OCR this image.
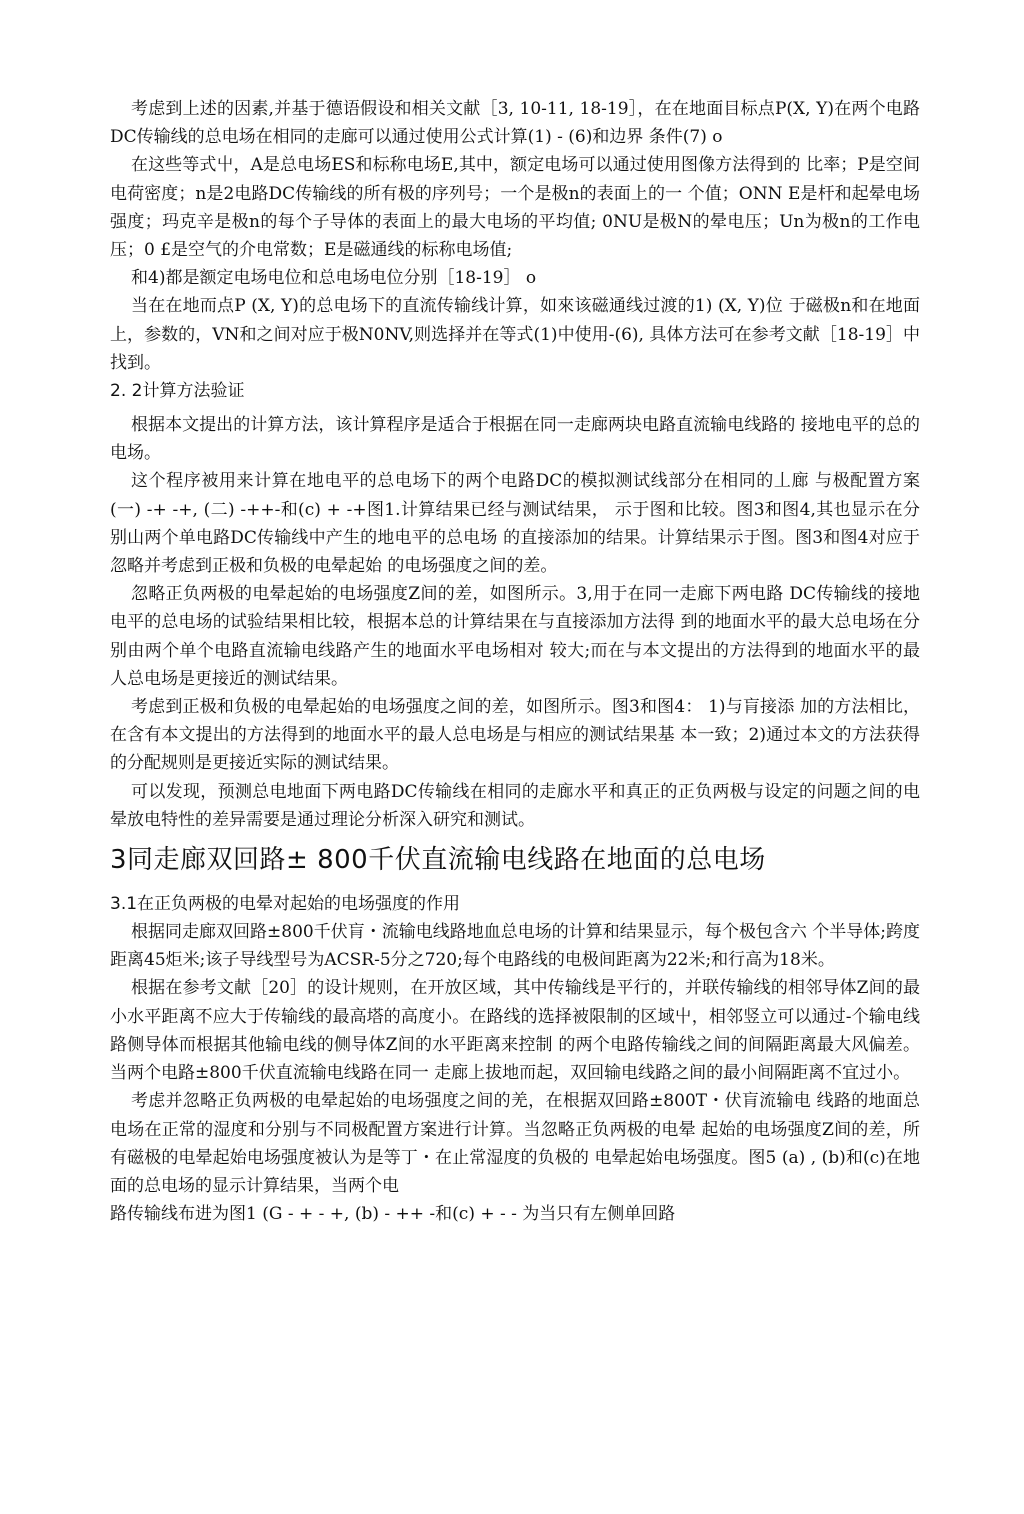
考虑到上述的因素,并基于德语假设和相关文献［3, 10-11, 18-19］，在在地面目标点P(X, Y)在两个电路DC传输线的总电场在相同的走廊可以通过使用公式计算(1) - (6)和边界 条件(7) o

在这些等式屮，A是总电场ES和标称电场E,其中，额定电场可以通过使用图像方法得到的 比率；P是空间电荷密度；n是2电路DC传输线的所有极的序列号；一个是极n的表面上的一 个值；ONN E是杆和起晕电场强度；玛克辛是极n的每个子导体的表面上的最大电场的平均值; 0NU是极N的晕电压；Un为极n的工作电压；0 £是空气的介电常数；E是磁通线的标称电场值;

和4)都是额定电场电位和总电场电位分别［18-19］ o

当在在地而点P (X, Y)的总电场下的直流传输线计算，如來该磁通线过渡的1) (X, Y)位 于磁极n和在地面上，参数的，VN和之间对应于极N0NV,则选择并在等式(1)中使用-(6), 具体方法可在参考文献［18-19］中找到。

2. 2计算方法验证

根据本文提出的计算方法，该计算程序是适合于根据在同一走廊两块电路直流输电线路的 接地电平的总的电场。

这个程序被用来计算在地电平的总电场下的两个电路DC的模拟测试线部分在相同的丄廊 与极配置方案(一) -+ -+, (二) -++-和(c) + -+图1.计算结果已经与测试结果， 示于图和比较。图3和图4,其也显示在分别山两个单电路DC传输线中产生的地电平的总电场 的直接添加的结果。计算结果示于图。图3和图4对应于忽略并考虑到正极和负极的电晕起始 的电场强度之间的差。

忽略正负两极的电晕起始的电场强度Z间的差，如图所示。3,用于在同一走廊下两电路 DC传输线的接地电平的总电场的试验结果相比较，根据本总的计算结果在与直接添加方法得 到的地面水平的最大总电场在分别由两个单个电路直流输电线路产生的地面水平电场相对 较大;而在与本文提出的方法得到的地面水平的最人总电场是更接近的测试结果。

考虑到正极和负极的电晕起始的电场强度之间的差，如图所示。图3和图4： 1)与肓接添 加的方法相比，在含有本文提出的方法得到的地面水平的最人总电场是与相应的测试结果基 本一致；2)通过本文的方法获得的分配规则是更接近实际的测试结果。

可以发现，预测总电地面下两电路DC传输线在相同的走廊水平和真正的正负两极与设定的问题之间的电晕放电特性的差异需要是通过理论分析深入研究和测试。

3同走廊双回路± 800千伏直流输电线路在地面的总电场
3.1在正负两极的电晕对起始的电场强度的作用

根据同走廊双回路±800千伏肓・流输电线路地血总电场的计算和结果显示，每个极包含六 个半导体;跨度距离45炬米;该子导线型号为ACSR-5分之720;每个电路线的电极间距离为22米;和行高为18米。

根据在参考文献［20］的设计规则，在开放区域，其中传输线是平行的，并联传输线的相邻导体Z间的最小水平距离不应大于传输线的最高塔的高度小。在路线的选择被限制的区域屮，相邻竖立可以通过-个输电线路侧导体而根据其他输电线的侧导体Z间的水平距离来控制 的两个电路传输线之间的间隔距离最大风偏差。当两个电路±800千伏直流输电线路在同一 走廊上拔地而起，双回输电线路之间的最小间隔距离不宜过小。

考虑并忽略正负两极的电晕起始的电场强度之间的羌，在根据双回路±800T・伏肓流输电 线路的地面总电场在正常的湿度和分别与不同极配置方案进行计算。当忽略正负两极的电晕 起始的电场强度Z间的差，所有磁极的电晕起始电场强度被认为是等丁・在止常湿度的负极的 电晕起始电场强度。图5 (a) , (b)和(c)在地面的总电场的显示计算结果，当两个电

路传输线布进为图1 (G - + - +, (b) - ++ -和(c) + - - 为当只有左侧单回路
